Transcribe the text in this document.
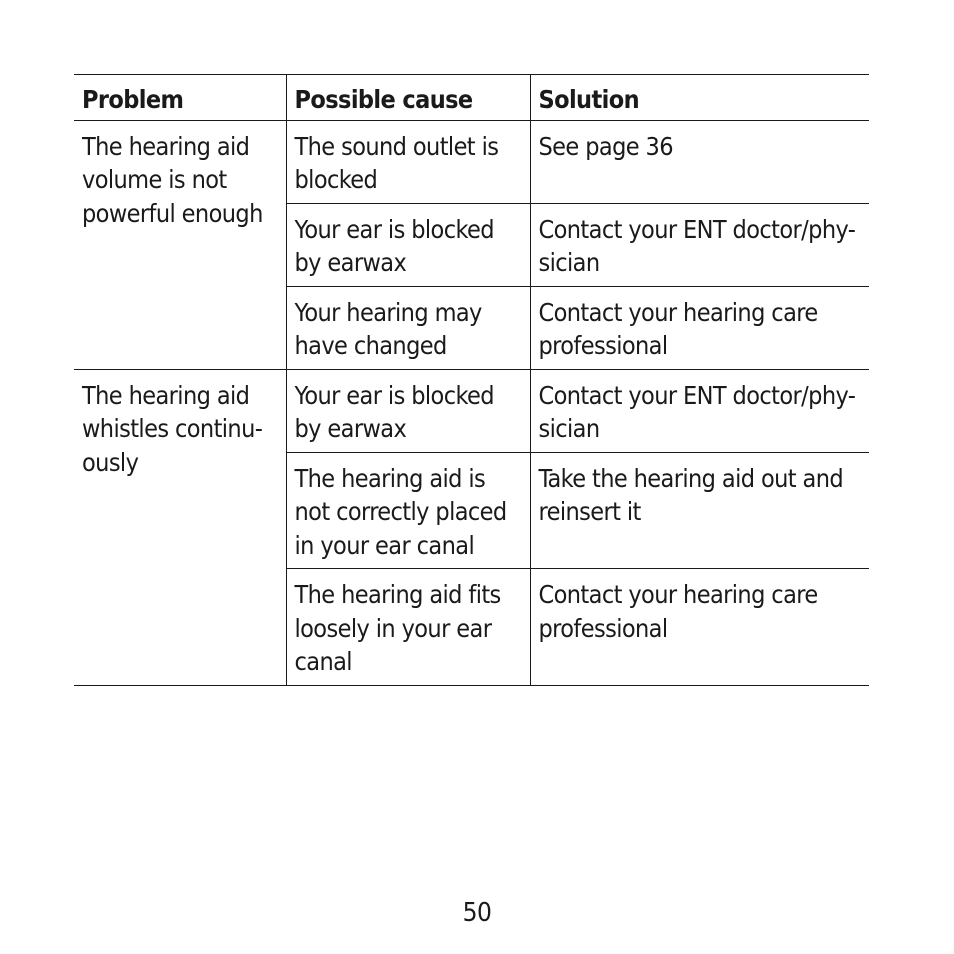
Problem	Possible cause	Solution
The hearing aid volume is not powerful enough	The sound outlet is blocked	See page 36
	Your ear is blocked by earwax	Contact your ENT doctor/phy-sician
	Your hearing may have changed	Contact your hearing care professional
The hearing aid whistles continu-ously	Your ear is blocked by earwax	Contact your ENT doctor/phy-sician
	The hearing aid is not correctly placed in your ear canal	Take the hearing aid out and reinsert it
	The hearing aid fits loosely in your ear canal	Contact your hearing care professional
50
